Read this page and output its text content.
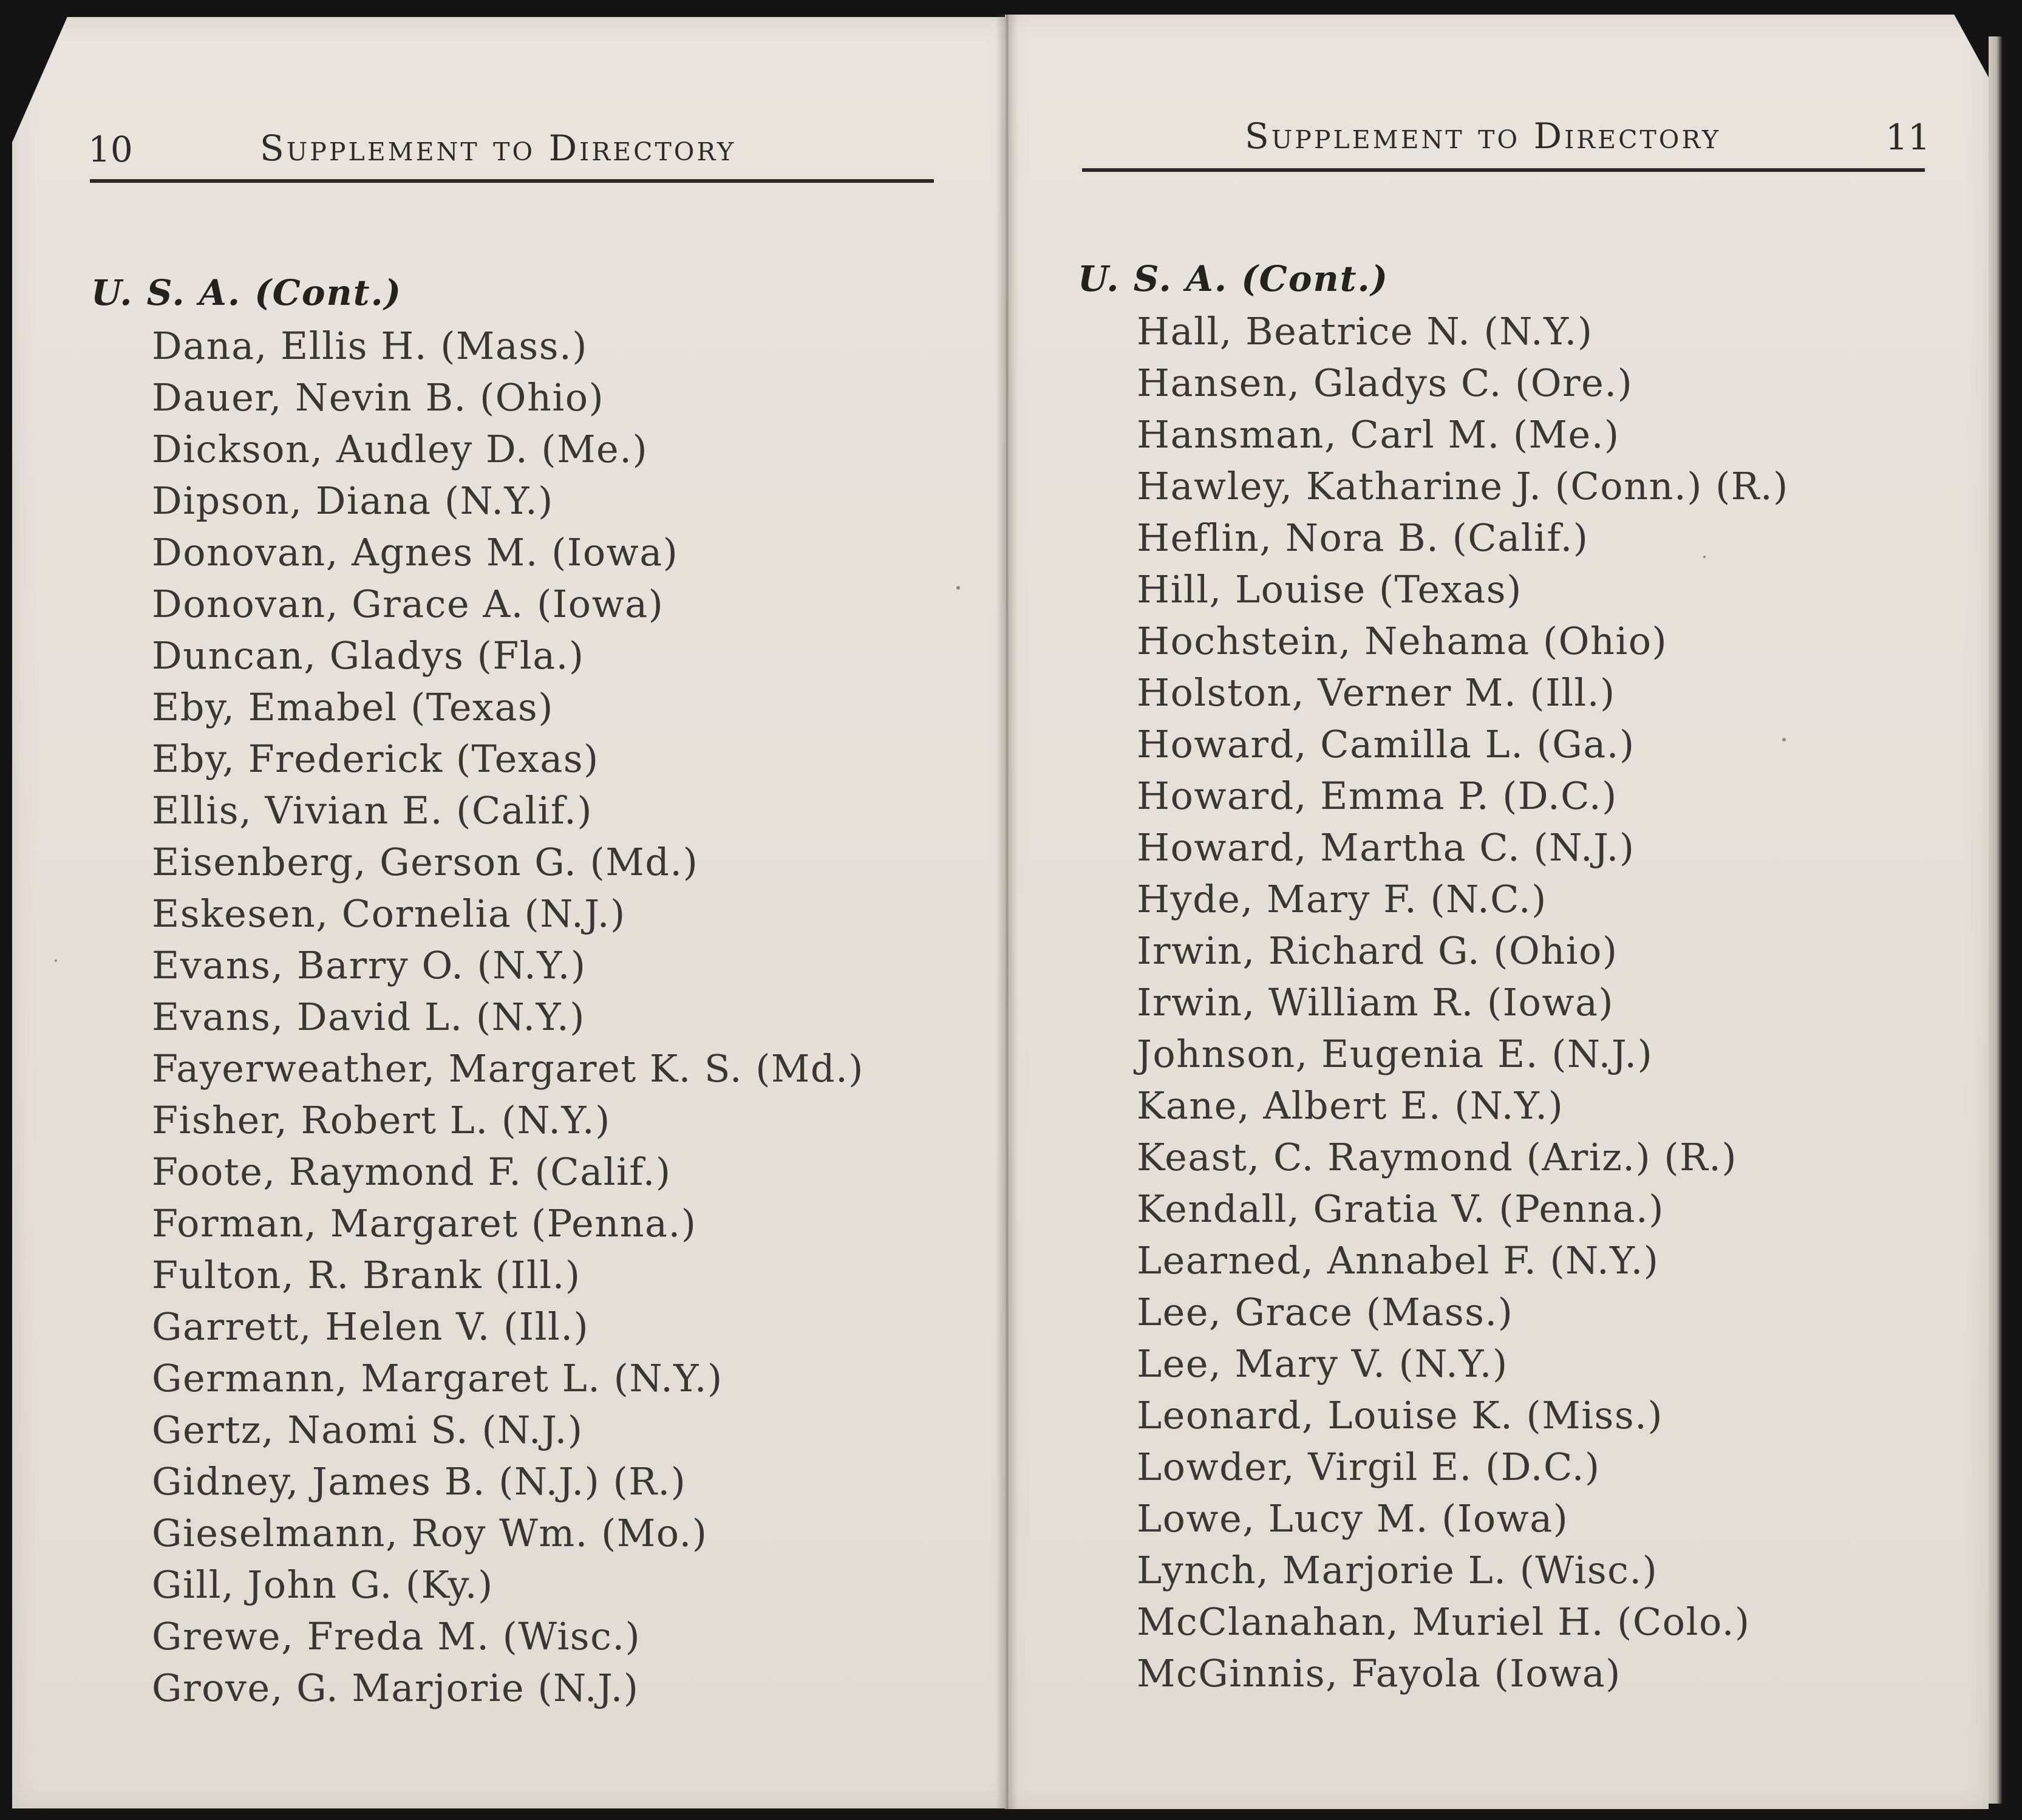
10	Supplement to Directory
U. S. A. (Cont.)
Dana, Ellis H. (Mass.)
Dauer, Nevin B. (Ohio)
Dickson, Audley D. (Me.)
Dipson, Diana (N.Y.)
Donovan, Agnes M. (Iowa)
Donovan, Grace A. (Iowa)
Duncan, Gladys (Fla.)
Eby, Emabel (Texas)
Eby, Frederick (Texas)
Ellis, Vivian E. (Calif.)
Eisenberg, Gerson G. (Md.)
Eskesen, Cornelia (N.J.)
Evans, Barry O. (N.Y.)
Evans, David L. (N.Y.)
Fayerweather, Margaret K. S. (Md.)
Fisher, Robert L. (N.Y.)
Foote, Raymond F. (Calif.)
Forman, Margaret (Penna.)
Fulton, R. Brank (Ill.)
Garrett, Helen V. (Ill.)
Germann, Margaret L. (N.Y.)
Gertz, Naomi S. (N.J.)
Gidney, James B. (N.J.) (R.)
Gieselmann, Roy Wm. (Mo.)
Gill, John G. (Ky.)
Grewe, Freda M. (Wisc.)
Grove, G. Marjorie (N.J.)
Supplement to Directory	11
U. S. A. (Cont.)
Hall, Beatrice N. (N.Y.)
Hansen, Gladys C. (Ore.)
Hansman, Carl M. (Me.)
Hawley, Katharine J. (Conn.) (R.)
Heflin, Nora B. (Calif.)
Hill, Louise (Texas)
Hochstein, Nehama (Ohio)
Holston, Verner M. (Ill.)
Howard, Camilla L. (Ga.)
Howard, Emma P. (D.C.)
Howard, Martha C. (N.J.)
Hyde, Mary F. (N.C.)
Irwin, Richard G. (Ohio)
Irwin, William R. (Iowa)
Johnson, Eugenia E. (N.J.)
Kane, Albert E. (N.Y.)
Keast, C. Raymond (Ariz.) (R.)
Kendall, Gratia V. (Penna.)
Learned, Annabel F. (N.Y.)
Lee, Grace (Mass.)
Lee, Mary V. (N.Y.)
Leonard, Louise K. (Miss.)
Lowder, Virgil E. (D.C.)
Lowe, Lucy M. (Iowa)
Lynch, Marjorie L. (Wisc.)
McClanahan, Muriel H. (Colo.)
McGinnis, Fayola (Iowa)
